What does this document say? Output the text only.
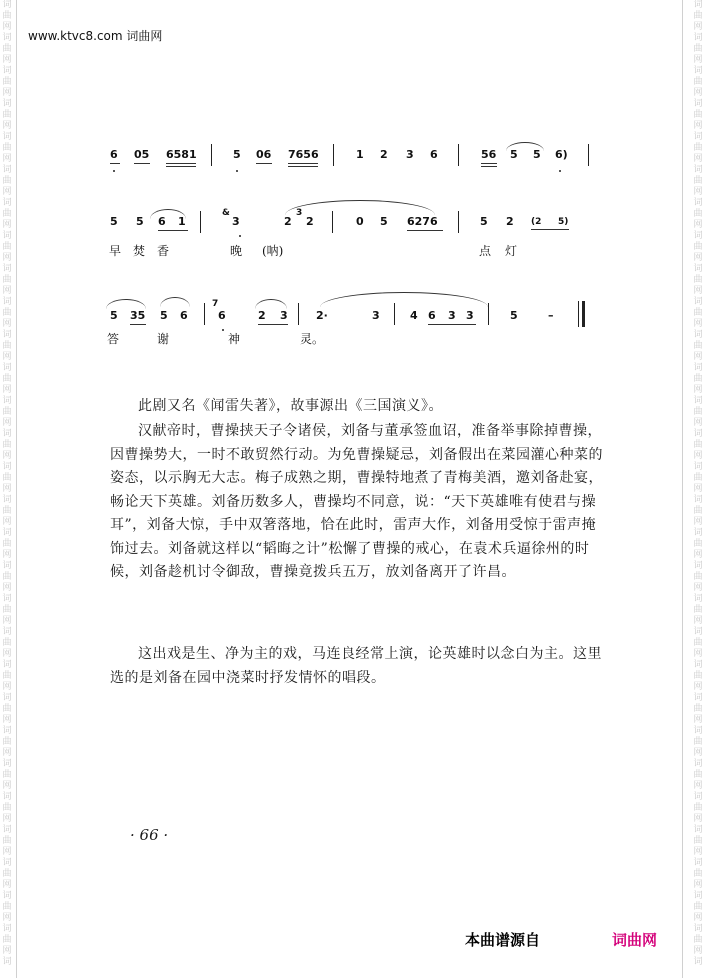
词
曲
网
词
曲
网
词
曲
网
词
曲
网
词
曲
网
词
曲
网
词
曲
网
词
曲
网
词
曲
网
词
曲
网
词
曲
网
词
曲
网
词
曲
网
词
曲
网
词
曲
网
词
曲
网
词
曲
网
词
曲
网
词
曲
网
词
曲
网
词
曲
网
词
曲
网
词
曲
网
词
曲
网
词
曲
网
词
曲
网
词
曲
网
词
曲
网
词
曲
网
词
词
曲
网
词
曲
网
词
曲
网
词
曲
网
词
曲
网
词
曲
网
词
曲
网
词
曲
网
词
曲
网
词
曲
网
词
曲
网
词
曲
网
词
曲
网
词
曲
网
词
曲
网
词
曲
网
词
曲
网
词
曲
网
词
曲
网
词
曲
网
词
曲
网
词
曲
网
词
曲
网
词
曲
网
词
曲
网
词
曲
网
词
曲
网
词
曲
网
词
曲
网
词
www.ktvc8.com 词曲网
6 05 6581	5 06 7656	1 2 3 6	56 5 5 6)
5 5 6 1
&
3	2
3
2	0 5 6276	5 2 (2 5)
早 焚 香	晚 (呐)	点 灯
5 35 5 6
7
6	2 3	2·	3	4 6 3 3	5	–
答	谢	神	灵。

此剧又名《闻雷失著》，故事源出《三国演义》。

汉献帝时，曹操挟天子令诸侯，刘备与董承签血诏，准备举事除掉曹操，因曹操势大，一时不敢贸然行动。为免曹操疑忌，刘备假出在菜园灌心种菜的姿态，以示胸无大志。梅子成熟之期，曹操特地煮了青梅美酒，邀刘备赴宴，畅论天下英雄。刘备历数多人，曹操均不同意，说：“天下英雄唯有使君与操耳”，刘备大惊，手中双箸落地，恰在此时，雷声大作，刘备用受惊于雷声掩饰过去。刘备就这样以“韬晦之计”松懈了曹操的戒心，在袁术兵逼徐州的时候，刘备趁机讨令御敌，曹操竟拨兵五万，放刘备离开了许昌。

这出戏是生、净为主的戏，马连良经常上演，论英雄时以念白为主。这里选的是刘备在园中浇菜时抒发情怀的唱段。

· 66 ·
本曲谱源自	词曲网
